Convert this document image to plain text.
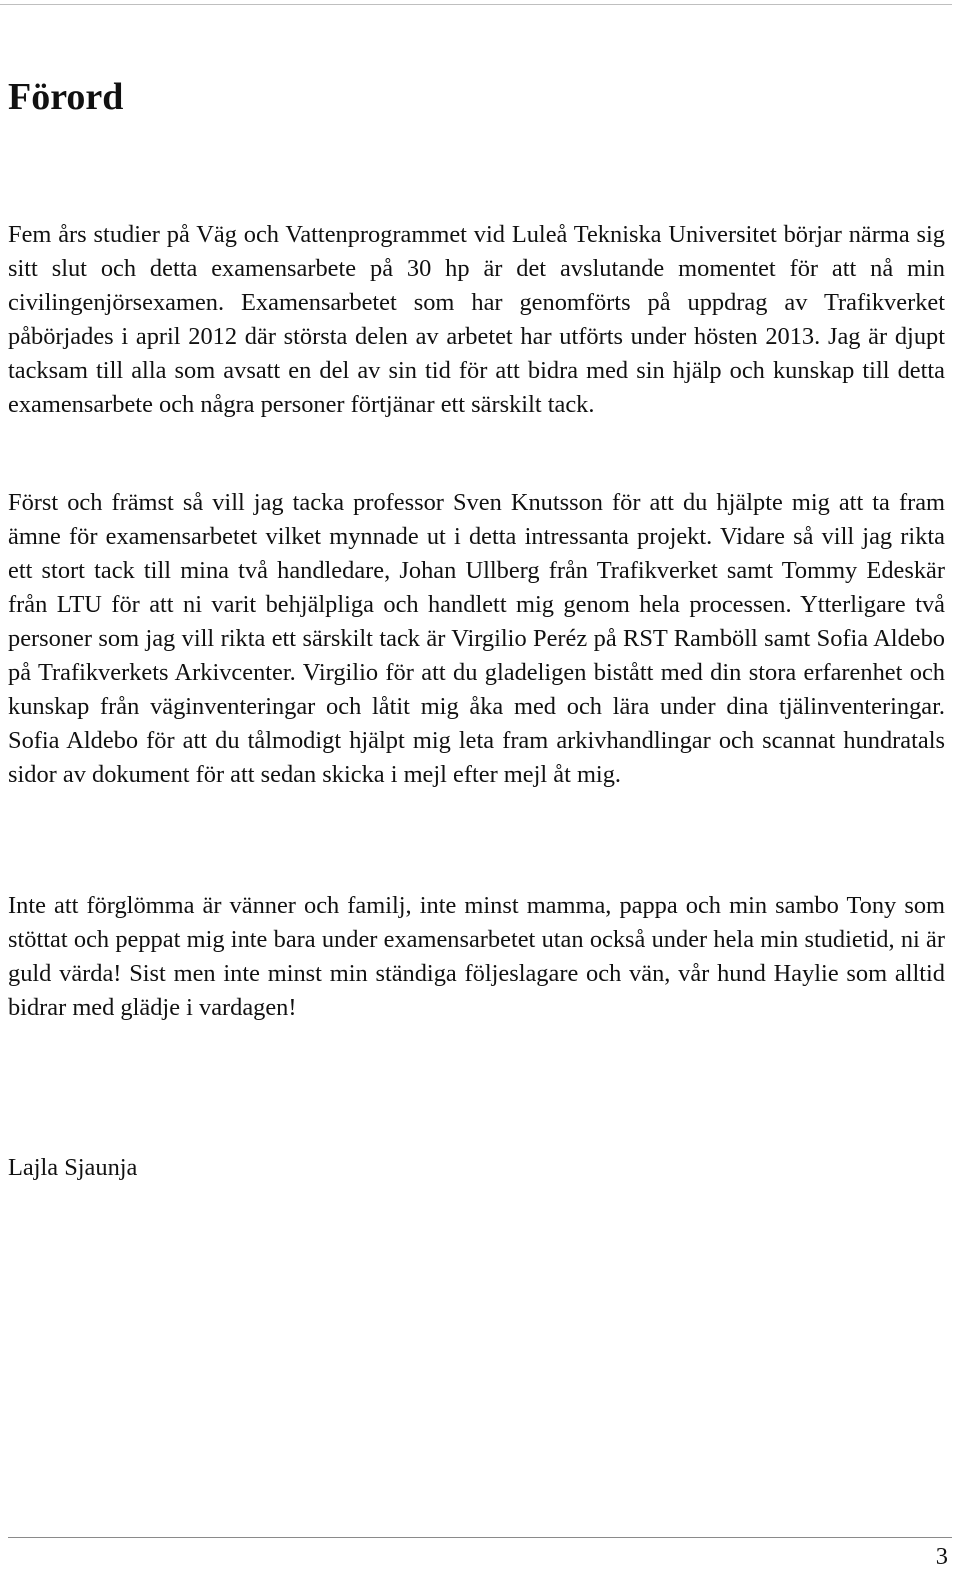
Förord

Fem års studier på Väg och Vattenprogrammet vid Luleå Tekniska Universitet börjar närma sig sitt slut och detta examensarbete på 30 hp är det avslutande momentet för att nå min civilingenjörsexamen. Examensarbetet som har genomförts på uppdrag av Trafikverket påbörjades i april 2012 där största delen av arbetet har utförts under hösten 2013. Jag är djupt tacksam till alla som avsatt en del av sin tid för att bidra med sin hjälp och kunskap till detta examensarbete och några personer förtjänar ett särskilt tack.

Först och främst så vill jag tacka professor Sven Knutsson för att du hjälpte mig att ta fram ämne för examensarbetet vilket mynnade ut i detta intressanta projekt. Vidare så vill jag rikta ett stort tack till mina två handledare, Johan Ullberg från Trafikverket samt Tommy Edeskär från LTU för att ni varit behjälpliga och handlett mig genom hela processen. Ytterligare två personer som jag vill rikta ett särskilt tack är Virgilio Peréz på RST Ramböll samt Sofia Aldebo på Trafikverkets Arkivcenter. Virgilio för att du gladeligen bistått med din stora erfarenhet och kunskap från väginventeringar och låtit mig åka med och lära under dina tjälinventeringar. Sofia Aldebo för att du tålmodigt hjälpt mig leta fram arkivhandlingar och scannat hundratals sidor av dokument för att sedan skicka i mejl efter mejl åt mig.

Inte att förglömma är vänner och familj, inte minst mamma, pappa och min sambo Tony som stöttat och peppat mig inte bara under examensarbetet utan också under hela min studietid, ni är guld värda! Sist men inte minst min ständiga följeslagare och vän, vår hund Haylie som alltid bidrar med glädje i vardagen!

Lajla Sjaunja

3
